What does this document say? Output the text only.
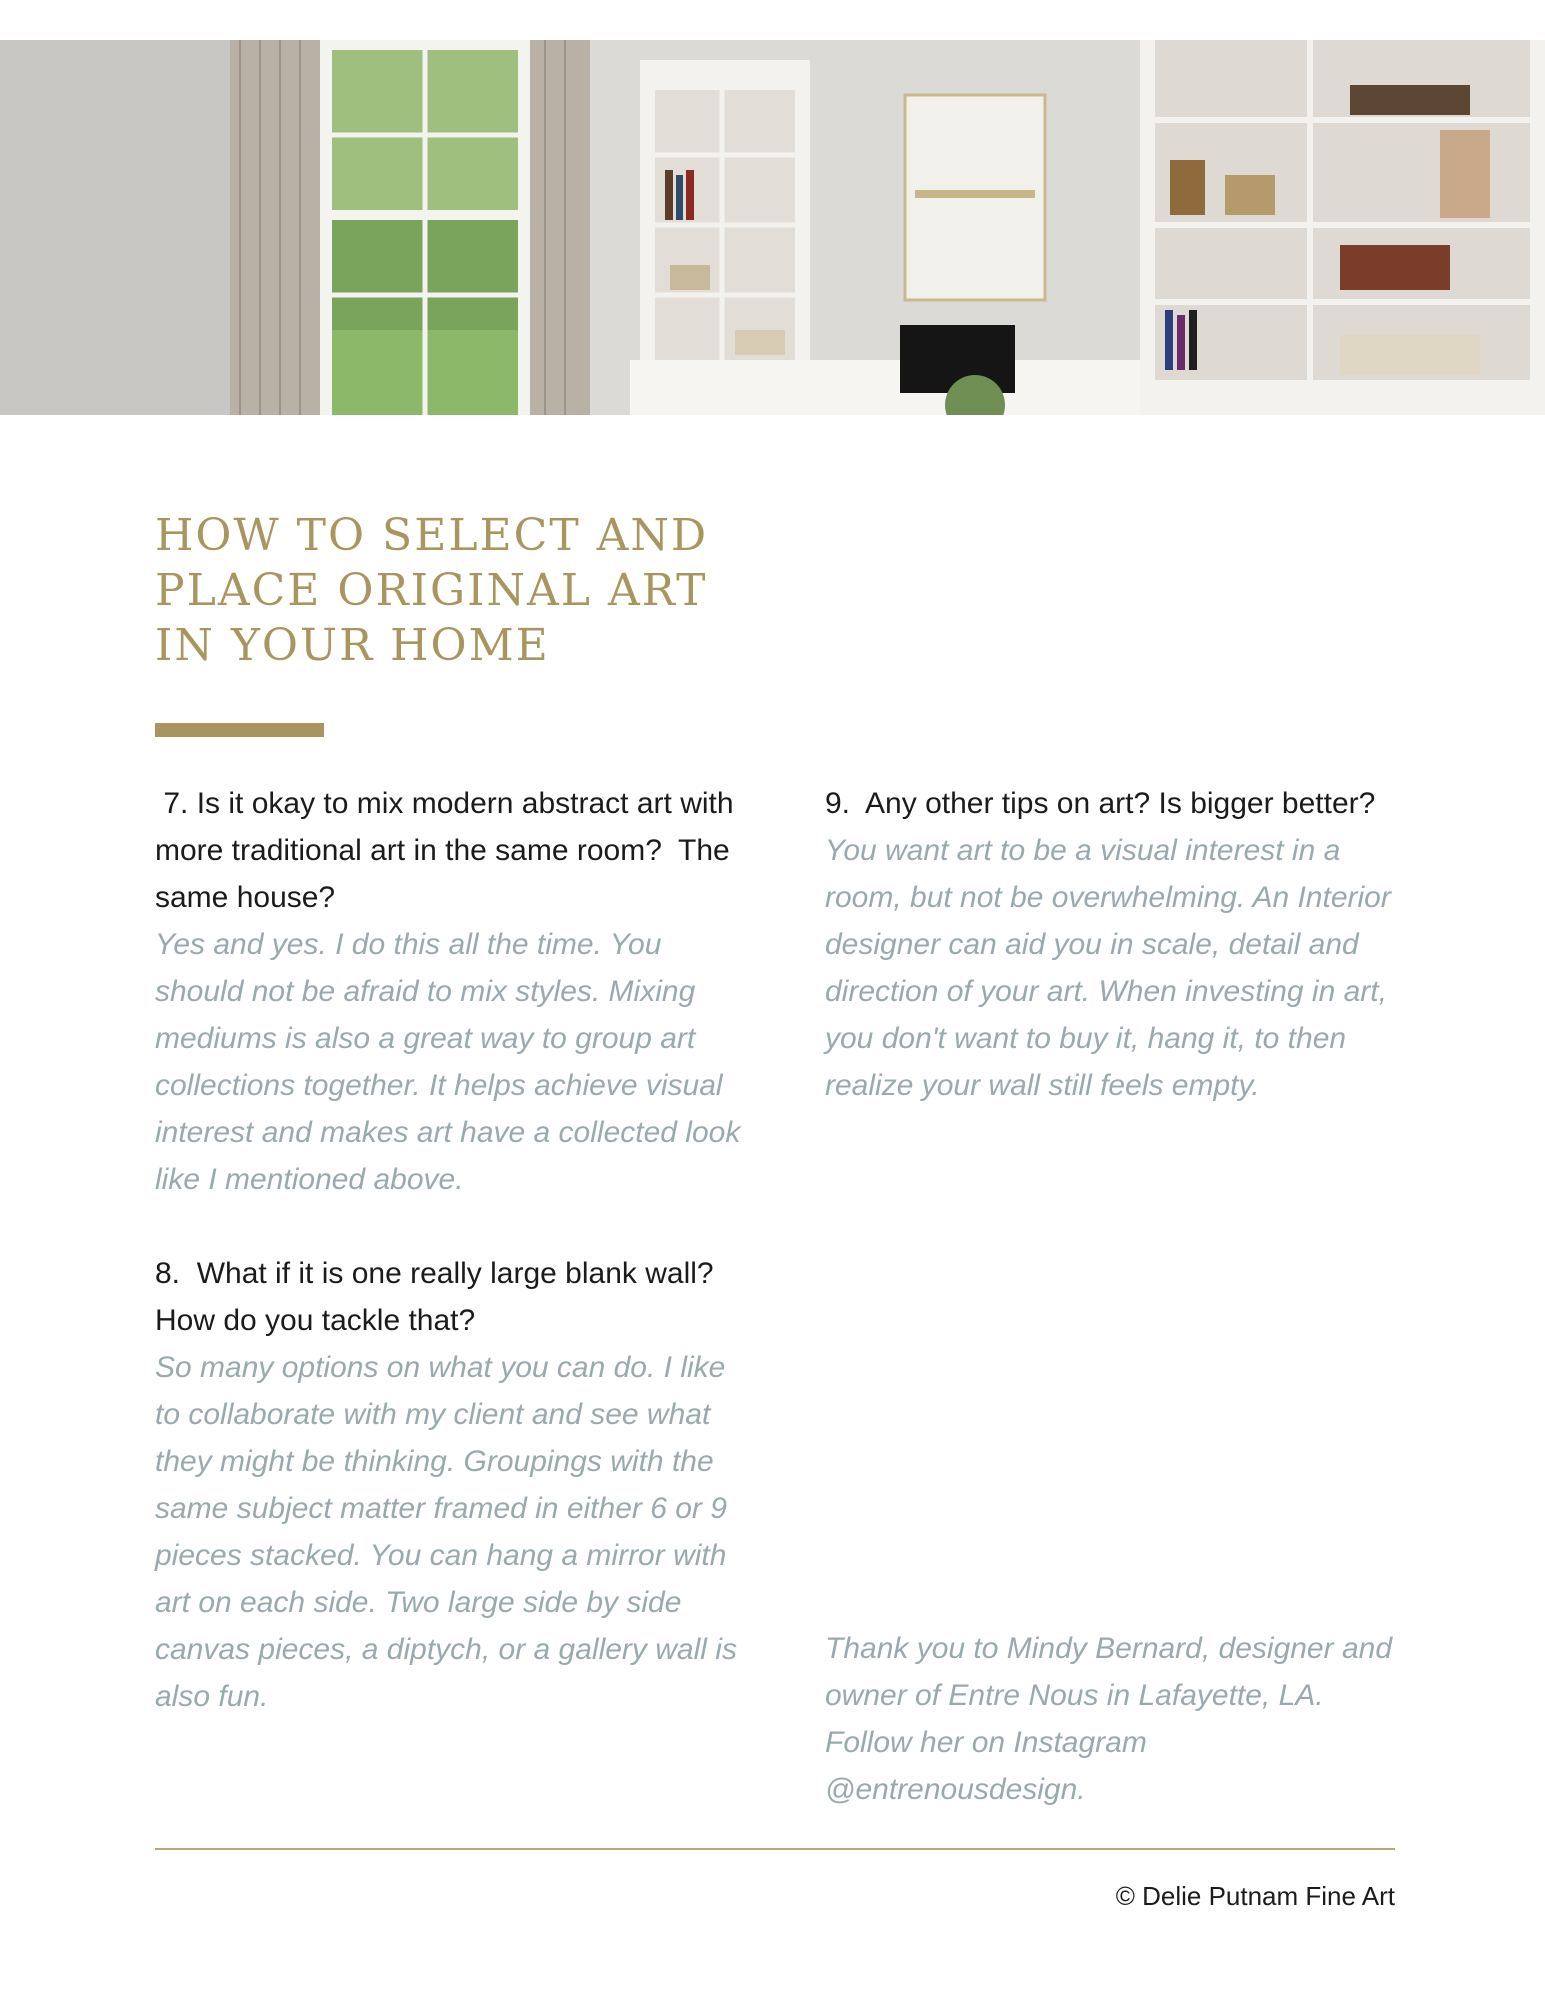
HOW TO SELECT AND
PLACE ORIGINAL ART
IN YOUR HOME

7. Is it okay to mix modern abstract art with more traditional art in the same room?  The same house?

Yes and yes. I do this all the time. You should not be afraid to mix styles. Mixing mediums is also a great way to group art collections together. It helps achieve visual interest and makes art have a collected look like I mentioned above.

8.  What if it is one really large blank wall? How do you tackle that?

So many options on what you can do. I like to collaborate with my client and see what they might be thinking. Groupings with the same subject matter framed in either 6 or 9 pieces stacked. You can hang a mirror with art on each side. Two large side by side canvas pieces, a diptych, or a gallery wall is also fun.

9.  Any other tips on art? Is bigger better?

You want art to be a visual interest in a room, but not be overwhelming. An Interior designer can aid you in scale, detail and direction of your art. When investing in art, you don't want to buy it, hang it, to then realize your wall still feels empty.

Thank you to Mindy Bernard, designer and owner of Entre Nous in Lafayette, LA. Follow her on Instagram @entrenousdesign.

© Delie Putnam Fine Art
